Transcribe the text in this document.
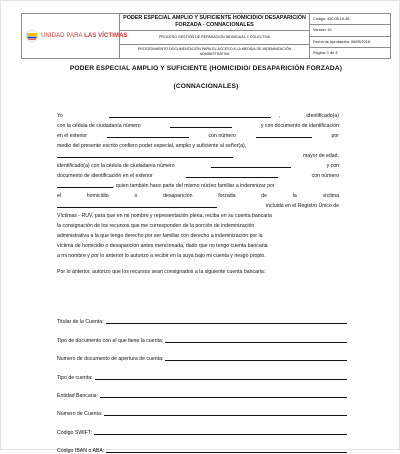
UNIDAD PARA LAS VÍCTIMAS
PODER ESPECIAL AMPLIO Y SUFICIENTE HOMICIDIO/ DESAPARICIÓN FORZADA - CONNACIONALES
PROCESO GESTIÓN DE REPARACIÓN INDIVIDUAL Y COLECTIVA
PROCEDIMIENTO DOCUMENTACIÓN PARA EL ACCESO A LA MEDIDA DE INDEMNIZACIÓN ADMINISTRATIVA
Código: 430.08.15-36
Versión: 01
Fecha de Aprobación: 06/05/2016
Página: 1 de 3
PODER ESPECIAL AMPLIO Y SUFICIENTE (HOMICIDIO/ DESAPARICIÓN FORZADA)
(CONNACIONALES)
Yo	,	identificado(a)
con la cédula de ciudadanía número	y con documento de identificación
en el exterior	con número	por
medio del presente escrito confiero poder especial, amplio y suficiente al señor(a),
,	mayor de edad,
identificado(a) con la cédula de ciudadanía número	y con
documento de identificación en el exterior	con número
, quien también hace parte del mismo núcleo familiar a indemnizar por
el	homicidio	o	desaparición	forzada	de	la	víctima
incluida en el Registro Único de
Víctimas - RUV, para que en mi nombre y representación plena, reciba en su cuenta bancaria
la consignación de los recursos que me corresponden de la porción de indemnización
administrativa a la que tengo derecho por ser familiar con derecho a indemnización por la
víctima de homicidio o desaparición antes mencionada, dado que no tengo cuenta bancaria
a mi nombre y por lo anterior lo autorizo a recibir en la suya bajo mi cuenta y riesgo propio.
Por lo anterior, autorizo que los recursos sean consignados a la siguiente cuenta bancaria:
Titular de la Cuenta:
Tipo de documento con el que tiene la cuenta:
Numero de documento de apertura de cuenta:
Tipo de cuenta:
Entidad Bancaria:
Número de Cuenta:
Código SWIFT:
Código IBAN o ABA:
